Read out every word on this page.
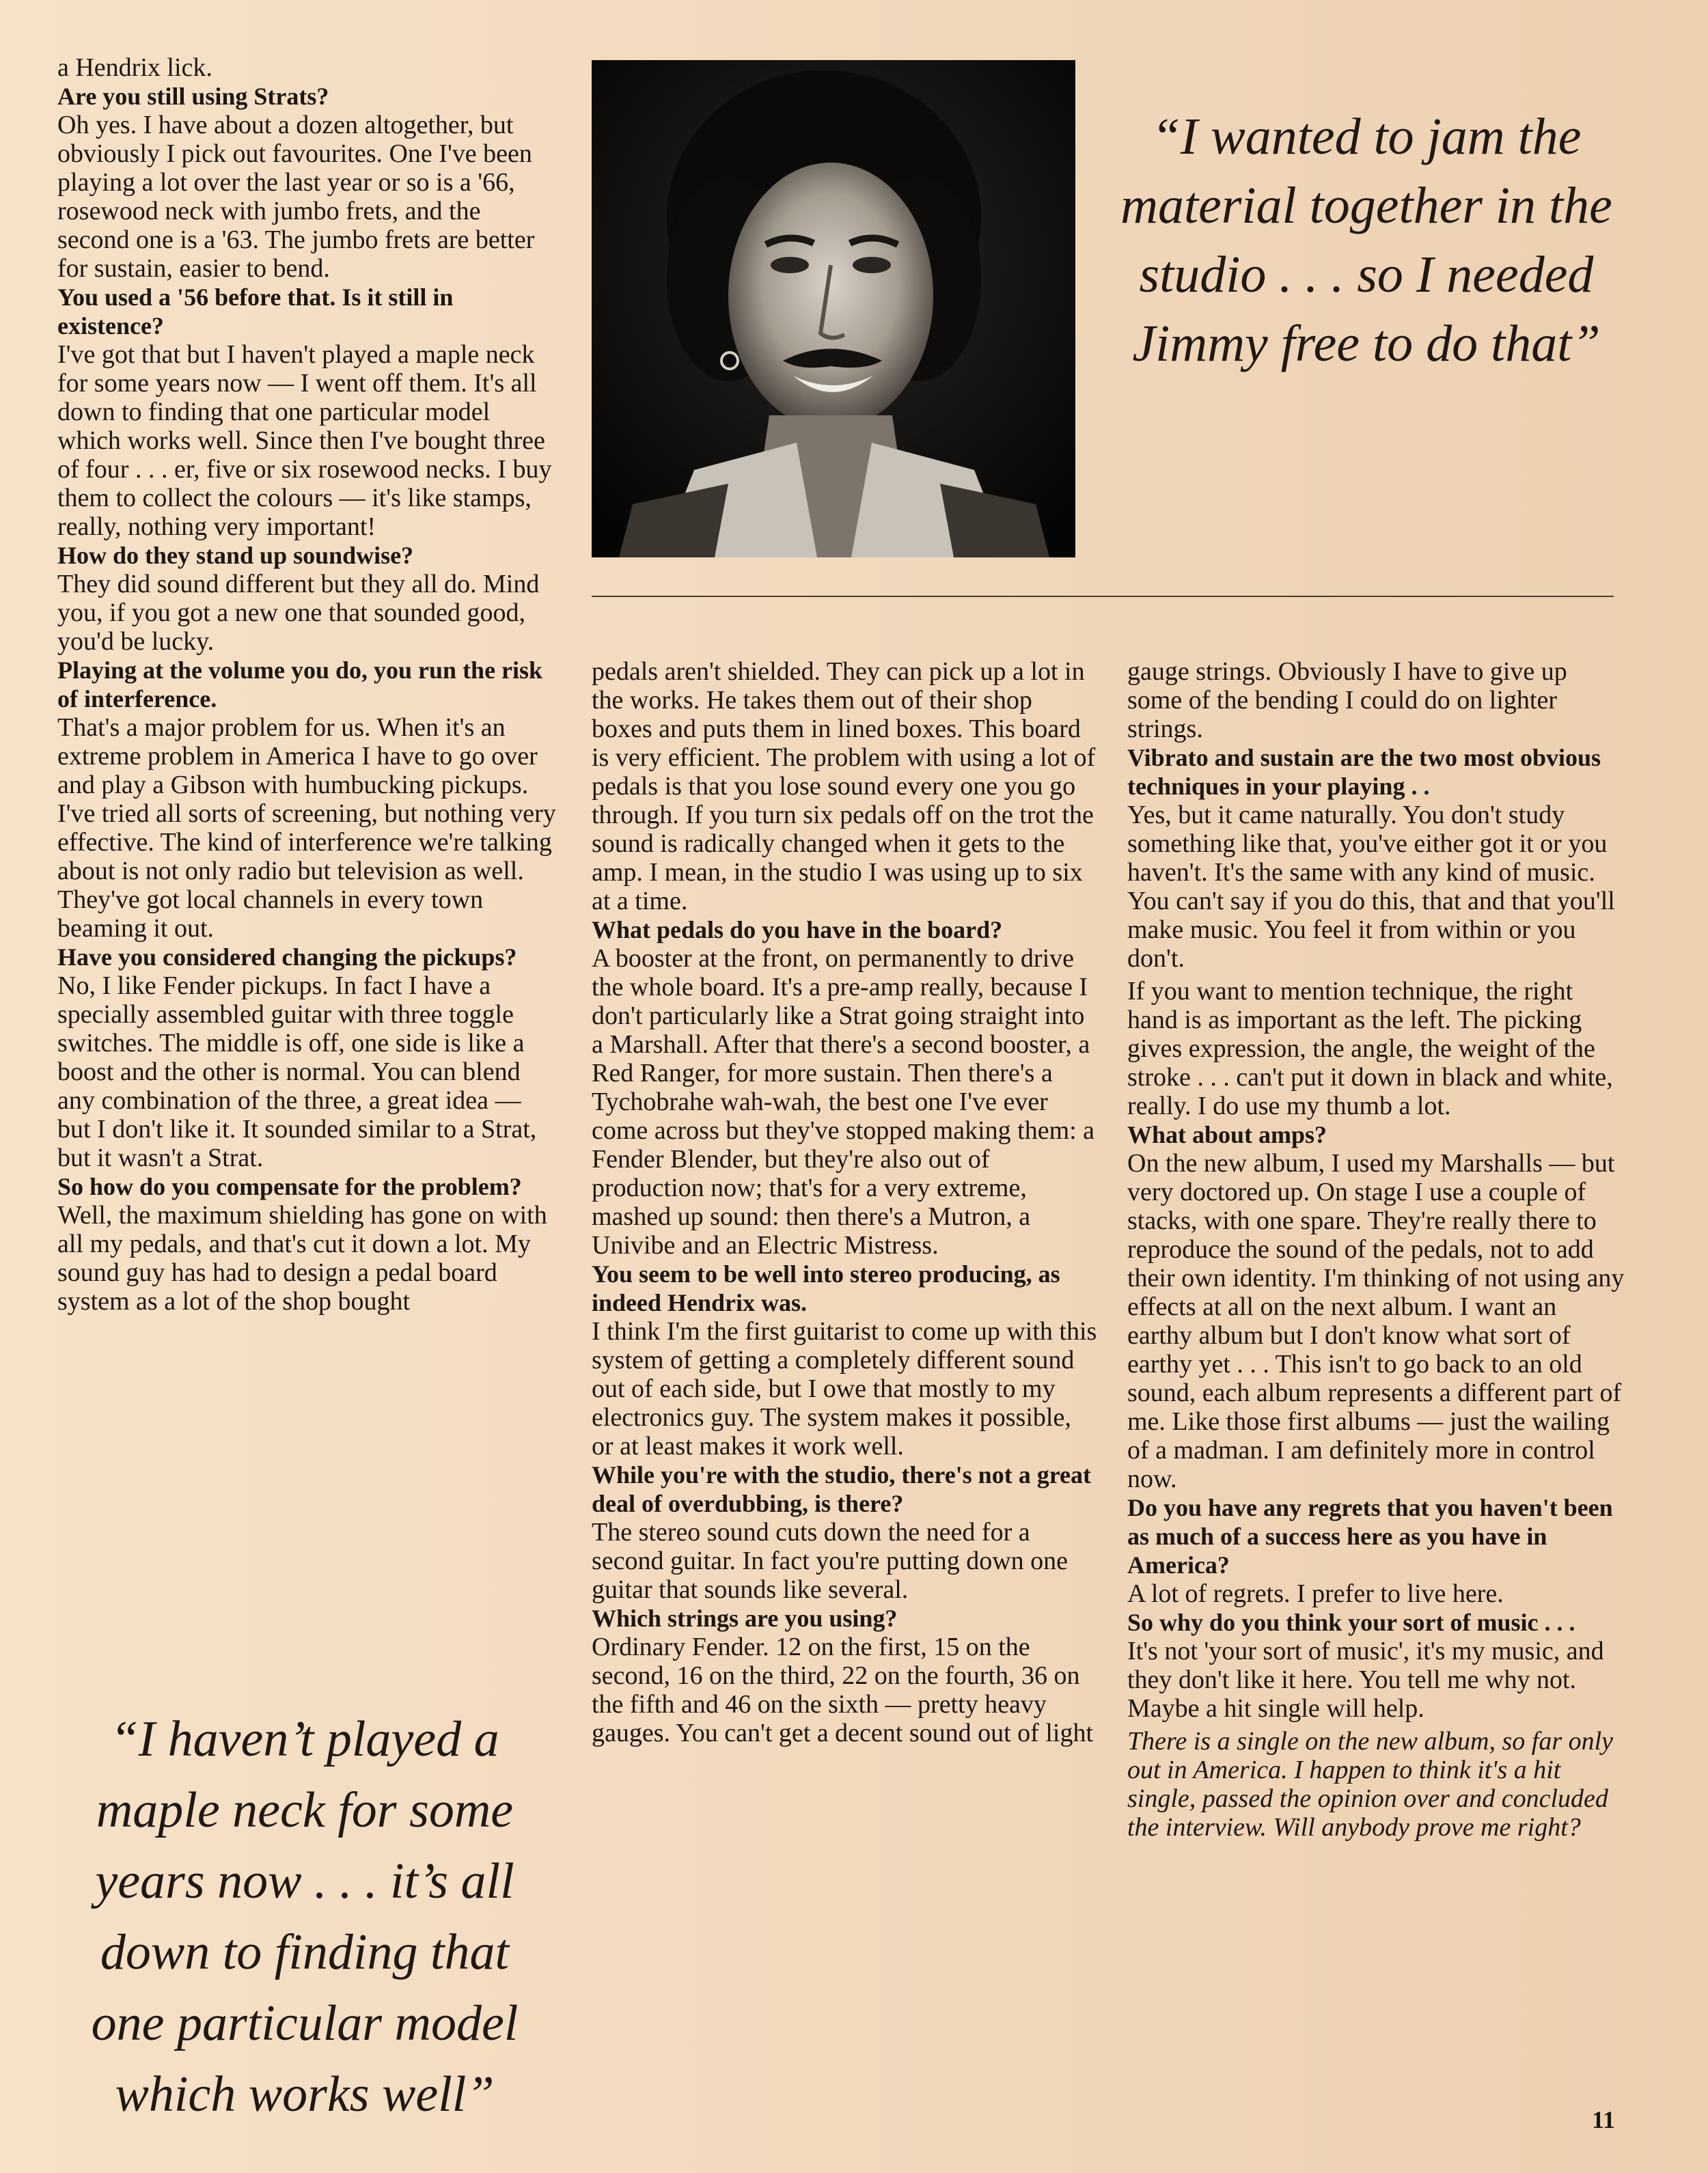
a Hendrix lick.

Are you still using Strats?

Oh yes. I have about a dozen altogether, but obviously I pick out favourites. One I've been playing a lot over the last year or so is a '66, rosewood neck with jumbo frets, and the second one is a '63. The jumbo frets are better for sustain, easier to bend.

You used a '56 before that. Is it still in existence?

I've got that but I haven't played a maple neck for some years now — I went off them. It's all down to finding that one particular model which works well. Since then I've bought three of four . . . er, five or six rosewood necks. I buy them to collect the colours — it's like stamps, really, nothing very important!

How do they stand up soundwise?

They did sound different but they all do. Mind you, if you got a new one that sounded good, you'd be lucky.

Playing at the volume you do, you run the risk of interference.

That's a major problem for us. When it's an extreme problem in America I have to go over and play a Gibson with humbucking pickups. I've tried all sorts of screening, but nothing very effective. The kind of interference we're talking about is not only radio but television as well. They've got local channels in every town beaming it out.

Have you considered changing the pickups?

No, I like Fender pickups. In fact I have a specially assembled guitar with three toggle switches. The middle is off, one side is like a boost and the other is normal. You can blend any combination of the three, a great idea — but I don't like it. It sounded similar to a Strat, but it wasn't a Strat.

So how do you compensate for the problem?

Well, the maximum shielding has gone on with all my pedals, and that's cut it down a lot. My sound guy has had to design a pedal board system as a lot of the shop bought

“I wanted to jam the material together in the studio . . . so I needed Jimmy free to do that”

pedals aren't shielded. They can pick up a lot in the works. He takes them out of their shop boxes and puts them in lined boxes. This board is very efficient. The problem with using a lot of pedals is that you lose sound every one you go through. If you turn six pedals off on the trot the sound is radically changed when it gets to the amp. I mean, in the studio I was using up to six at a time.

What pedals do you have in the board?

A booster at the front, on permanently to drive the whole board. It's a pre-amp really, because I don't particularly like a Strat going straight into a Marshall. After that there's a second booster, a Red Ranger, for more sustain. Then there's a Tychobrahe wah-wah, the best one I've ever come across but they've stopped making them: a Fender Blender, but they're also out of production now; that's for a very extreme, mashed up sound: then there's a Mutron, a Univibe and an Electric Mistress.

You seem to be well into stereo producing, as indeed Hendrix was.

I think I'm the first guitarist to come up with this system of getting a completely different sound out of each side, but I owe that mostly to my electronics guy. The system makes it possible, or at least makes it work well.

While you're with the studio, there's not a great deal of overdubbing, is there?

The stereo sound cuts down the need for a second guitar. In fact you're putting down one guitar that sounds like several.

Which strings are you using?

Ordinary Fender. 12 on the first, 15 on the second, 16 on the third, 22 on the fourth, 36 on the fifth and 46 on the sixth — pretty heavy gauges. You can't get a decent sound out of light

gauge strings. Obviously I have to give up some of the bending I could do on lighter strings.

Vibrato and sustain are the two most obvious techniques in your playing . .

Yes, but it came naturally. You don't study something like that, you've either got it or you haven't. It's the same with any kind of music. You can't say if you do this, that and that you'll make music. You feel it from within or you don't.

If you want to mention technique, the right hand is as important as the left. The picking gives expression, the angle, the weight of the stroke . . . can't put it down in black and white, really. I do use my thumb a lot.

What about amps?

On the new album, I used my Marshalls — but very doctored up. On stage I use a couple of stacks, with one spare. They're really there to reproduce the sound of the pedals, not to add their own identity. I'm thinking of not using any effects at all on the next album. I want an earthy album but I don't know what sort of earthy yet . . . This isn't to go back to an old sound, each album represents a different part of me. Like those first albums — just the wailing of a madman. I am definitely more in control now.

Do you have any regrets that you haven't been as much of a success here as you have in America?

A lot of regrets. I prefer to live here.

So why do you think your sort of music . . .

It's not 'your sort of music', it's my music, and they don't like it here. You tell me why not. Maybe a hit single will help.

There is a single on the new album, so far only out in America. I happen to think it's a hit single, passed the opinion over and concluded the interview. Will anybody prove me right?

“I haven’t played a maple neck for some years now . . . it’s all down to finding that one particular model which works well”	11
